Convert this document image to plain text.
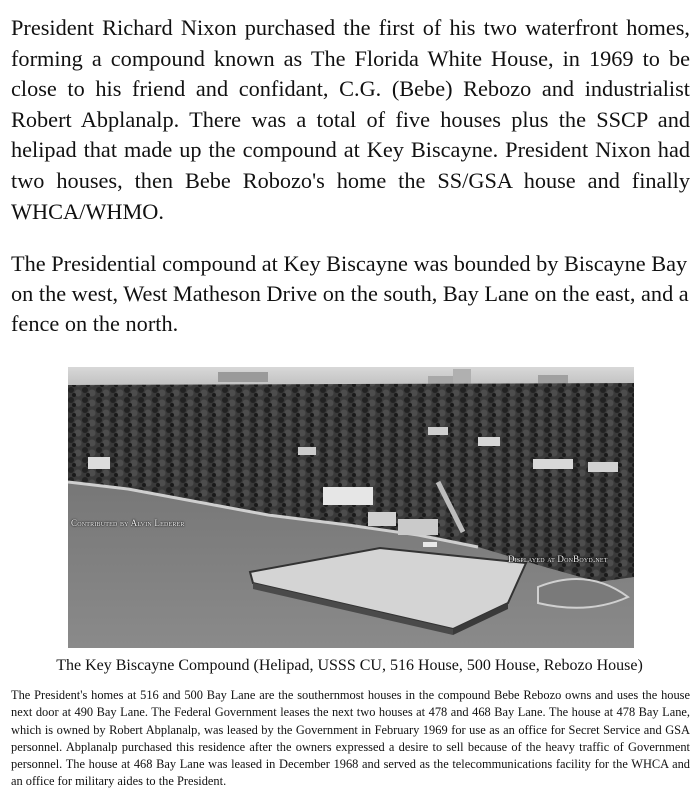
President Richard Nixon purchased the first of his two waterfront homes, forming a compound known as The Florida White House, in 1969 to be close to his friend and confidant, C.G. (Bebe) Rebozo and industrialist Robert Abplanalp. There was a total of five houses plus the SSCP and helipad that made up the compound at Key Biscayne. President Nixon had two houses, then Bebe Robozo's home the SS/GSA house and finally WHCA/WHMO.

The Presidential compound at Key Biscayne was bounded by Biscayne Bay on the west, West Matheson Drive on the south, Bay Lane on the east, and a fence on the north.

Contributed by Alvin Lederer
Displayed at DonBoyd.net

The Key Biscayne Compound (Helipad, USSS CU, 516 House, 500 House, Rebozo House)

The President's homes at 516 and 500 Bay Lane are the southernmost houses in the compound Bebe Rebozo owns and uses the house next door at 490 Bay Lane. The Federal Government leases the next two houses at 478 and 468 Bay Lane. The house at 478 Bay Lane, which is owned by Robert Abplanalp, was leased by the Government in February 1969 for use as an office for Secret Service and GSA personnel. Abplanalp purchased this residence after the owners expressed a desire to sell because of the heavy traffic of Government personnel. The house at 468 Bay Lane was leased in December 1968 and served as the telecommunications facility for the WHCA and an office for military aides to the President.
